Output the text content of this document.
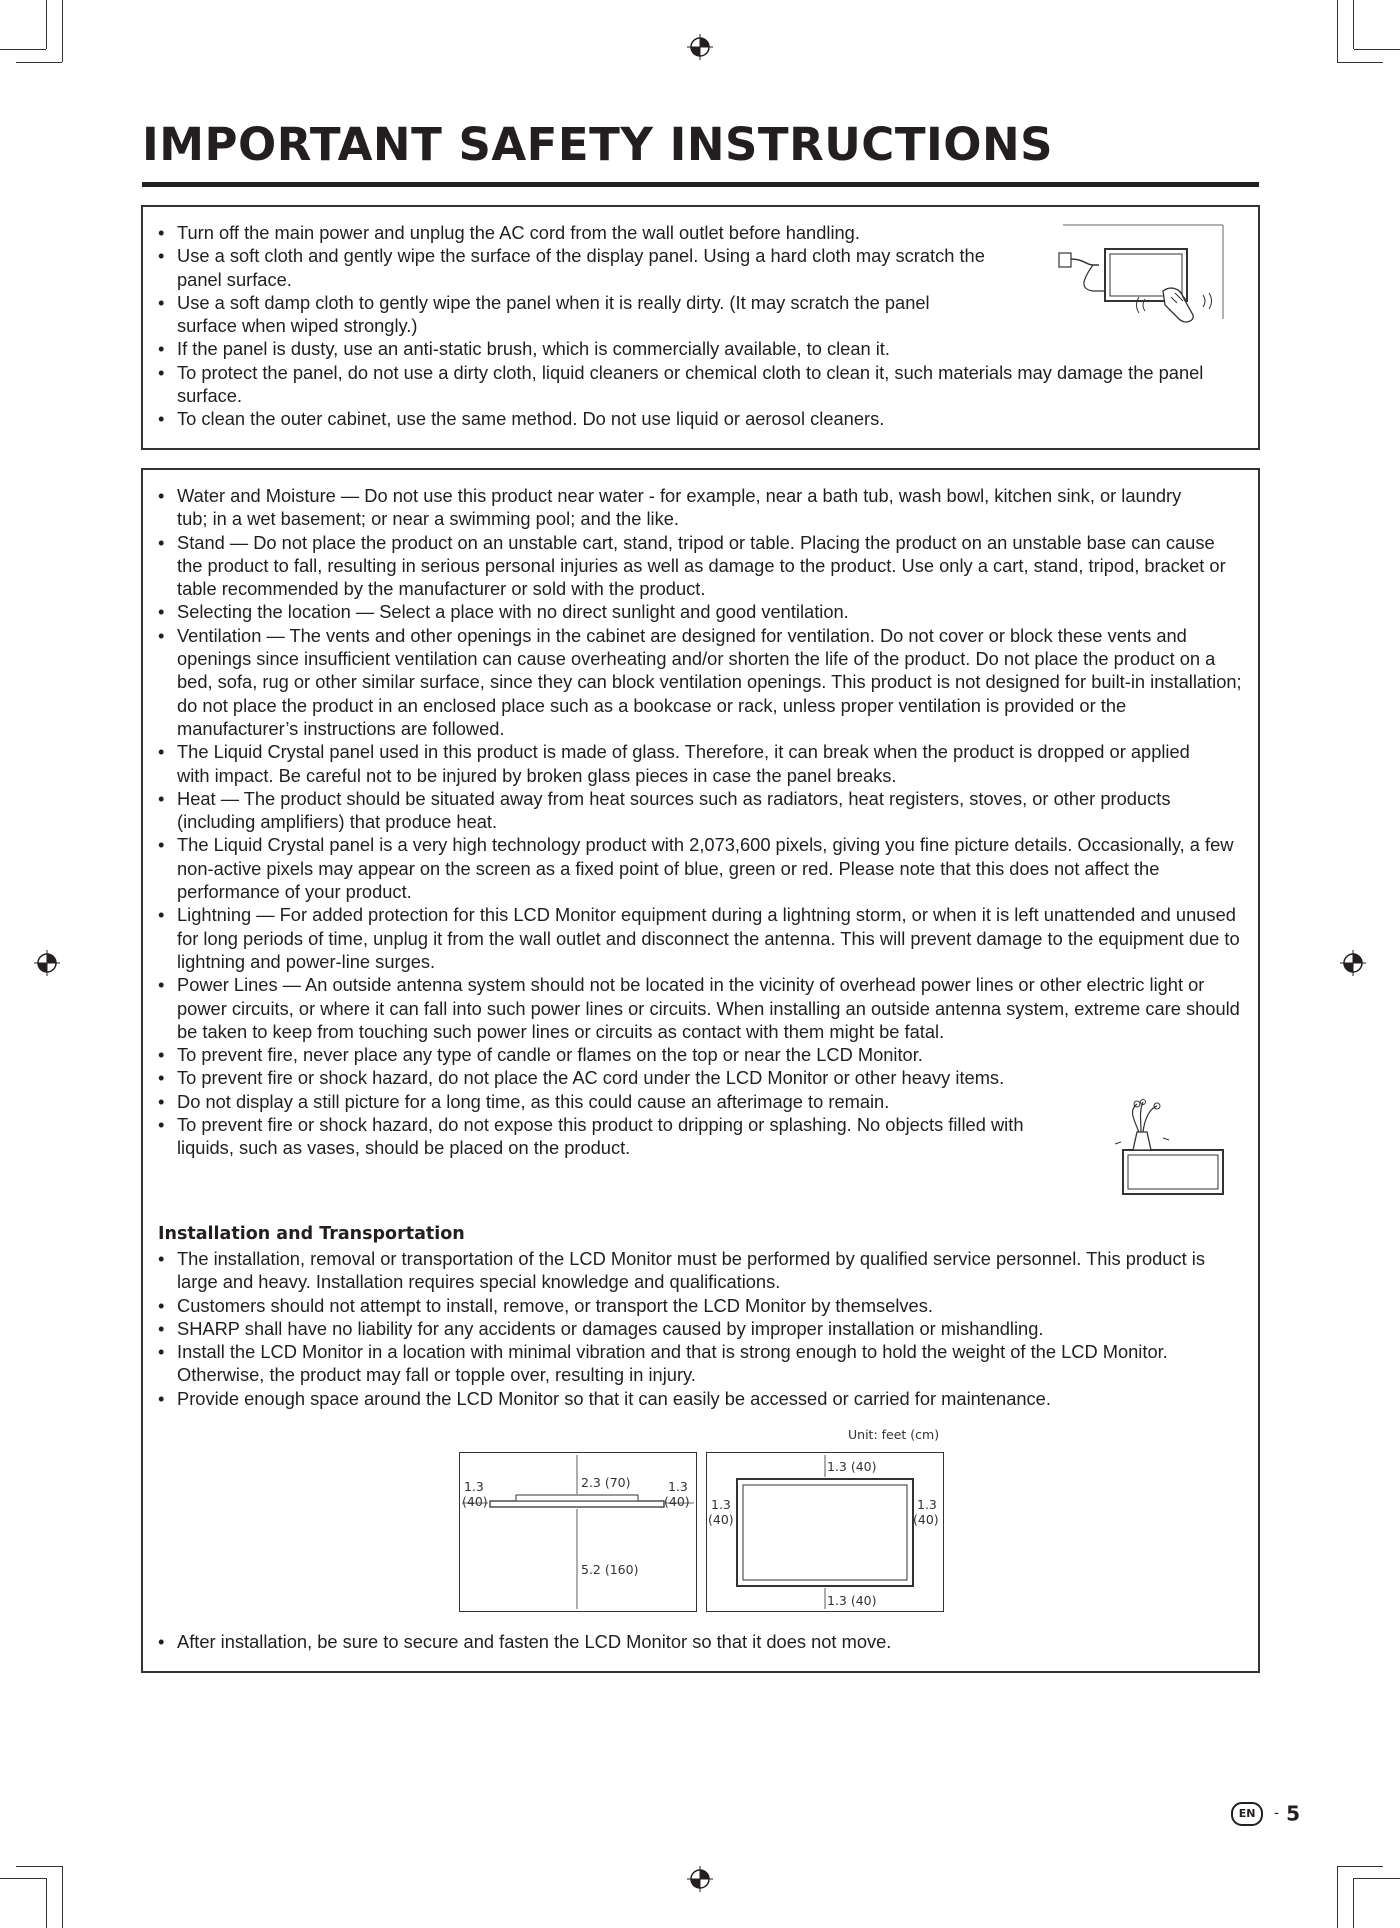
IMPORTANT SAFETY INSTRUCTIONS
• Turn off the main power and unplug the AC cord from the wall outlet before handling.
• Use a soft cloth and gently wipe the surface of the display panel. Using a hard cloth may scratch the panel surface.
• Use a soft damp cloth to gently wipe the panel when it is really dirty. (It may scratch the panel surface when wiped strongly.)
• If the panel is dusty, use an anti-static brush, which is commercially available, to clean it.
• To protect the panel, do not use a dirty cloth, liquid cleaners or chemical cloth to clean it, such materials may damage the panel surface.
• To clean the outer cabinet, use the same method. Do not use liquid or aerosol cleaners.
• Water and Moisture — Do not use this product near water - for example, near a bath tub, wash bowl, kitchen sink, or laundry tub; in a wet basement; or near a swimming pool; and the like.
• Stand — Do not place the product on an unstable cart, stand, tripod or table. Placing the product on an unstable base can cause the product to fall, resulting in serious personal injuries as well as damage to the product. Use only a cart, stand, tripod, bracket or table recommended by the manufacturer or sold with the product.
• Selecting the location — Select a place with no direct sunlight and good ventilation.
• Ventilation — The vents and other openings in the cabinet are designed for ventilation. Do not cover or block these vents and openings since insufficient ventilation can cause overheating and/or shorten the life of the product. Do not place the product on a bed, sofa, rug or other similar surface, since they can block ventilation openings. This product is not designed for built-in installation; do not place the product in an enclosed place such as a bookcase or rack, unless proper ventilation is provided or the manufacturer’s instructions are followed.
• The Liquid Crystal panel used in this product is made of glass. Therefore, it can break when the product is dropped or applied with impact. Be careful not to be injured by broken glass pieces in case the panel breaks.
• Heat — The product should be situated away from heat sources such as radiators, heat registers, stoves, or other products (including amplifiers) that produce heat.
• The Liquid Crystal panel is a very high technology product with 2,073,600 pixels, giving you fine picture details. Occasionally, a few non-active pixels may appear on the screen as a fixed point of blue, green or red. Please note that this does not affect the performance of your product.
• Lightning — For added protection for this LCD Monitor equipment during a lightning storm, or when it is left unattended and unused for long periods of time, unplug it from the wall outlet and disconnect the antenna. This will prevent damage to the equipment due to lightning and power-line surges.
• Power Lines — An outside antenna system should not be located in the vicinity of overhead power lines or other electric light or power circuits, or where it can fall into such power lines or circuits. When installing an outside antenna system, extreme care should be taken to keep from touching such power lines or circuits as contact with them might be fatal.
• To prevent fire, never place any type of candle or flames on the top or near the LCD Monitor.
• To prevent fire or shock hazard, do not place the AC cord under the LCD Monitor or other heavy items.
• Do not display a still picture for a long time, as this could cause an afterimage to remain.
• To prevent fire or shock hazard, do not expose this product to dripping or splashing. No objects filled with liquids, such as vases, should be placed on the product.
Installation and Transportation
• The installation, removal or transportation of the LCD Monitor must be performed by qualified service personnel. This product is large and heavy. Installation requires special knowledge and qualifications.
• Customers should not attempt to install, remove, or transport the LCD Monitor by themselves.
• SHARP shall have no liability for any accidents or damages caused by improper installation or mishandling.
• Install the LCD Monitor in a location with minimal vibration and that is strong enough to hold the weight of the LCD Monitor. Otherwise, the product may fall or topple over, resulting in injury.
• Provide enough space around the LCD Monitor so that it can easily be accessed or carried for maintenance.
Unit: feet (cm)
1.3
(40)
1.3
(40)
2.3 (70)
5.2 (160)
1.3 (40)
1.3 (40)
1.3
(40)
1.3
(40)
• After installation, be sure to secure and fasten the LCD Monitor so that it does not move.
EN - 5
